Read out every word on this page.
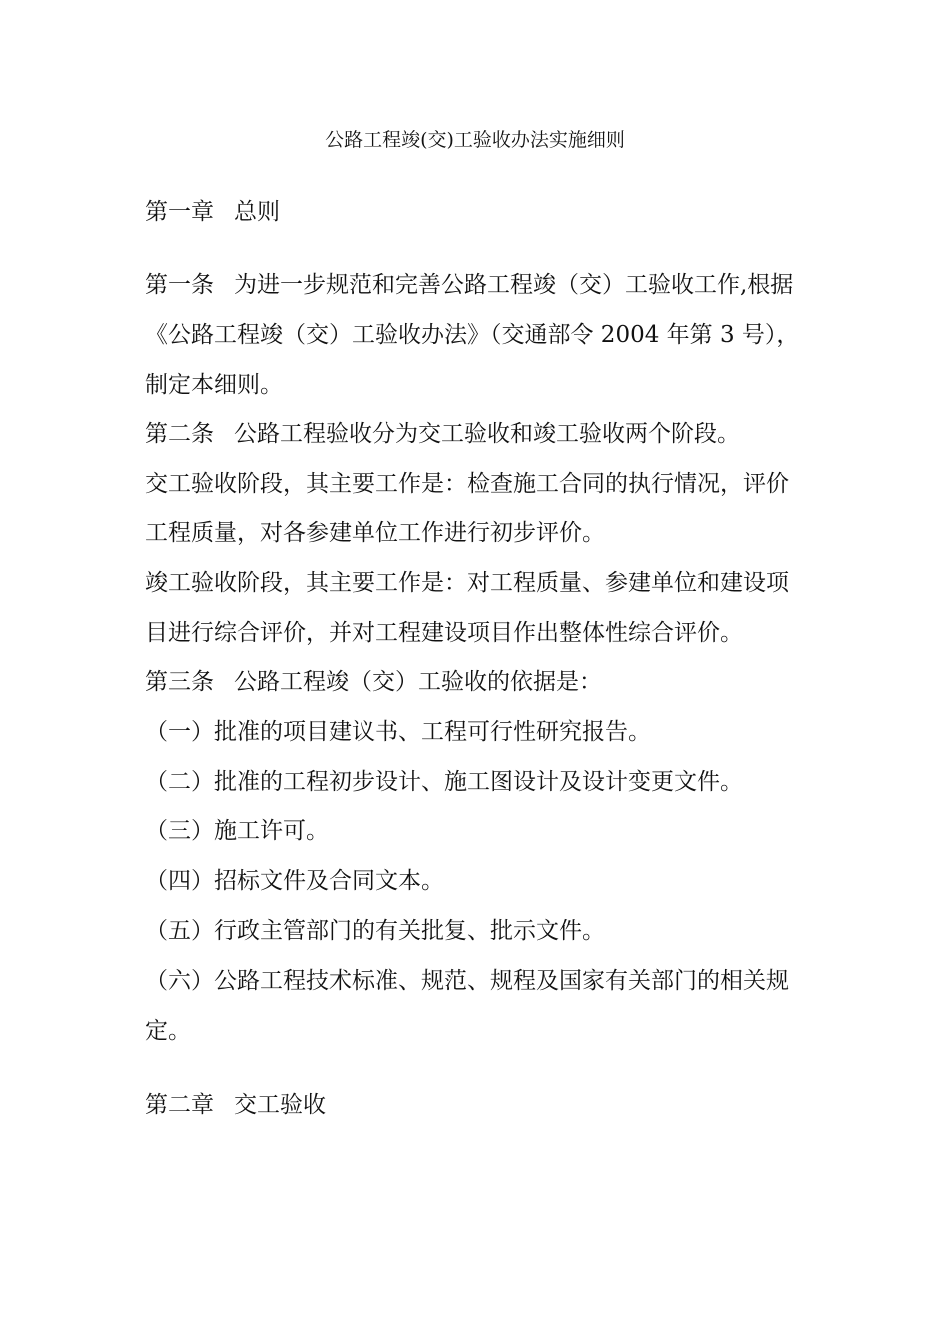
公路工程竣(交)工验收办法实施细则
第一章 总则
第一条 为进一步规范和完善公路工程竣（交）工验收工作,根据
《公路工程竣（交）工验收办法》（交通部令 2004 年第 3 号），
制定本细则。
第二条 公路工程验收分为交工验收和竣工验收两个阶段。
交工验收阶段，其主要工作是：检查施工合同的执行情况，评价
工程质量，对各参建单位工作进行初步评价。
竣工验收阶段，其主要工作是：对工程质量、参建单位和建设项
目进行综合评价，并对工程建设项目作出整体性综合评价。
第三条 公路工程竣（交）工验收的依据是：
（一）批准的项目建议书、工程可行性研究报告。
（二）批准的工程初步设计、施工图设计及设计变更文件。
（三）施工许可。
（四）招标文件及合同文本。
（五）行政主管部门的有关批复、批示文件。
（六）公路工程技术标准、规范、规程及国家有关部门的相关规
定。
第二章 交工验收
